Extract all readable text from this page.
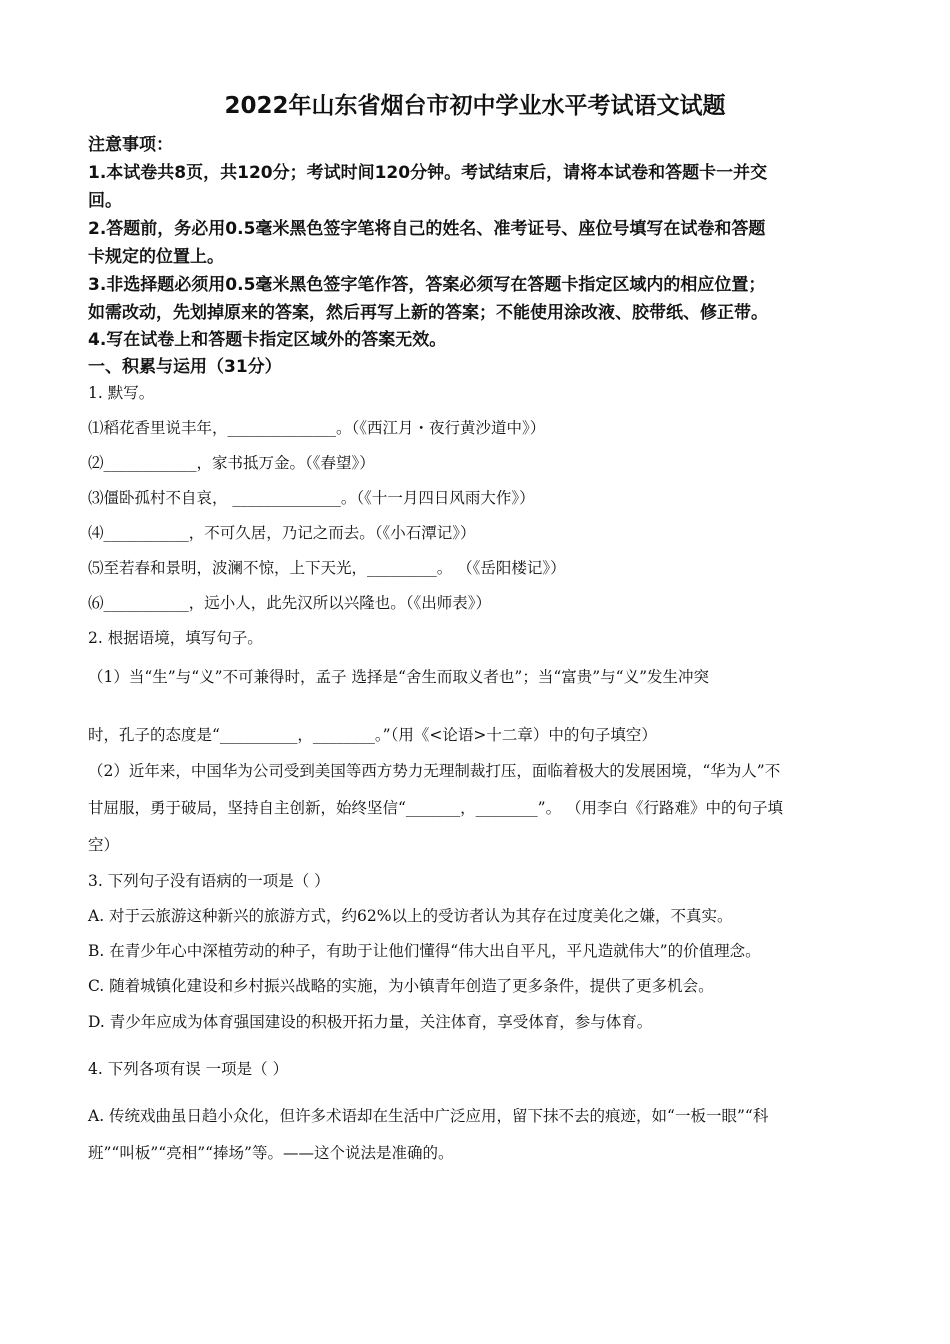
2022年山东省烟台市初中学业水平考试语文试题
注意事项：
1.本试卷共8页，共120分；考试时间120分钟。考试结束后，请将本试卷和答题卡一并交
回。
2.答题前，务必用0.5毫米黑色签字笔将自己的姓名、准考证号、座位号填写在试卷和答题
卡规定的位置上。
3.非选择题必须用0.5毫米黑色签字笔作答，答案必须写在答题卡指定区域内的相应位置；
如需改动，先划掉原来的答案，然后再写上新的答案；不能使用涂改液、胶带纸、修正带。
4.写在试卷上和答题卡指定区域外的答案无效。
一、积累与运用（31分）
1. 默写。
⑴稻花香里说丰年，______________。（《西江月・夜行黄沙道中》）
⑵____________，家书抵万金。（《春望》）
⑶僵卧孤村不自哀， ______________。（《十一月四日风雨大作》）
⑷___________，不可久居，乃记之而去。（《小石潭记》）
⑸至若春和景明，波澜不惊，上下天光，_________。 （《岳阳楼记》）
⑹___________，远小人，此先汉所以兴隆也。（《出师表》）
2. 根据语境，填写句子。
（1）当“生”与“义”不可兼得时，孟子 选择是“舍生而取义者也”；当“富贵”与“义”发生冲突
时，孔子的态度是“__________，________。”（用《<论语>十二章）中的句子填空）
（2）近年来，中国华为公司受到美国等西方势力无理制裁打压，面临着极大的发展困境，“华为人”不
甘屈服，勇于破局，坚持自主创新，始终坚信“_______，________”。 （用李白《行路难》中的句子填
空）
3. 下列句子没有语病的一项是（ ）
A. 对于云旅游这种新兴的旅游方式，约62%以上的受访者认为其存在过度美化之嫌，不真实。
B. 在青少年心中深植劳动的种子，有助于让他们懂得“伟大出自平凡，平凡造就伟大”的价值理念。
C. 随着城镇化建设和乡村振兴战略的实施，为小镇青年创造了更多条件，提供了更多机会。
D. 青少年应成为体育强国建设的积极开拓力量，关注体育，享受体育，参与体育。
4. 下列各项有误 一项是（ ）
A. 传统戏曲虽日趋小众化，但许多术语却在生活中广泛应用，留下抹不去的痕迹，如“一板一眼”“科
班”“叫板”“亮相”“捧场”等。——这个说法是准确的。
